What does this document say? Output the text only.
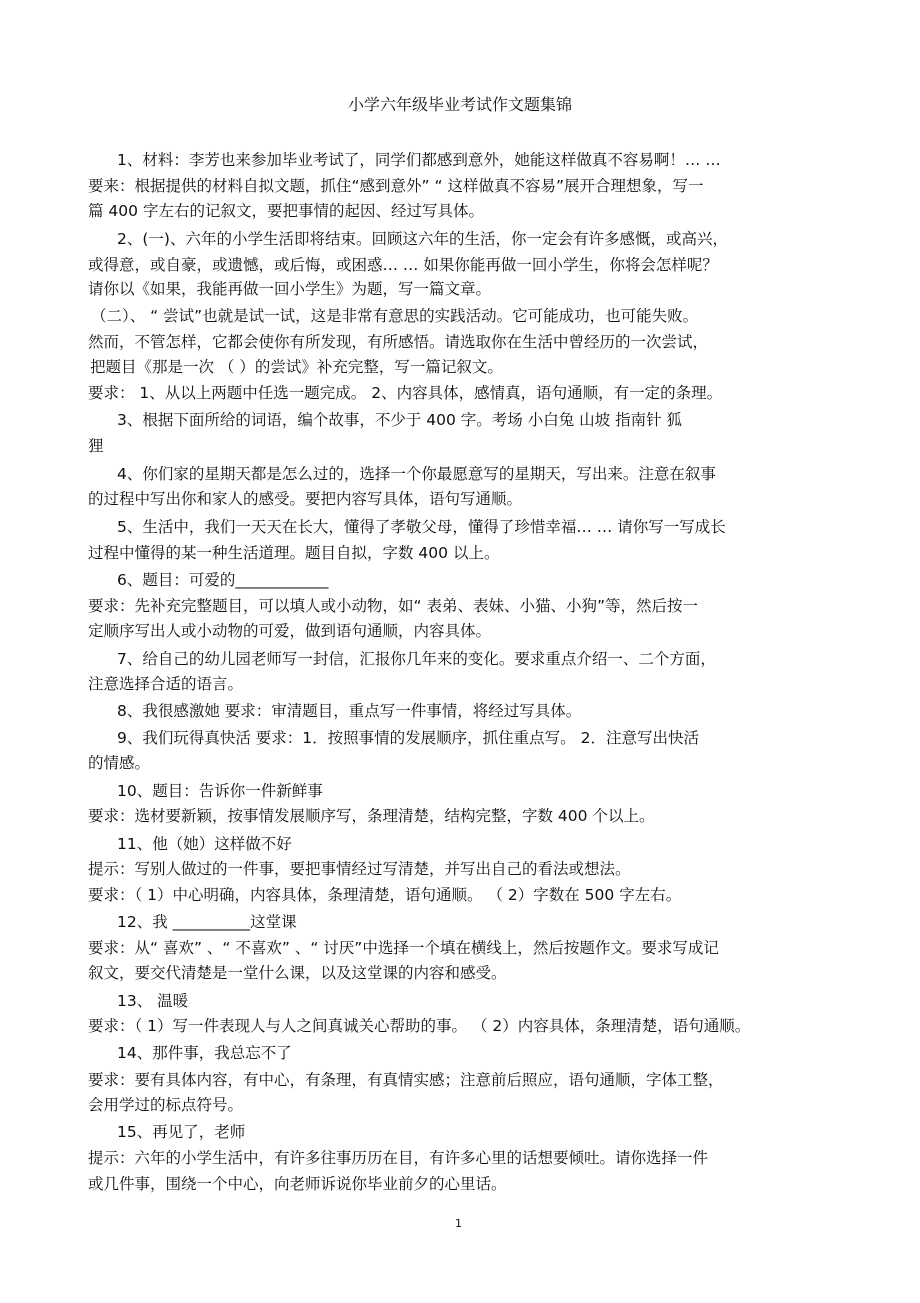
小学六年级毕业考试作文题集锦
1、材料：李芳也来参加毕业考试了，同学们都感到意外，她能这样做真不容易啊！… …
要来：根据提供的材料自拟文题，抓住“感到意外” “ 这样做真不容易”展开合理想象，写一
篇 400 字左右的记叙文，要把事情的起因、经过写具体。
2、(一)、六年的小学生活即将结束。回顾这六年的生活，你一定会有许多感慨，或高兴，
或得意，或自豪，或遗憾，或后悔，或困惑… … 如果你能再做一回小学生，你将会怎样呢？
请你以《如果，我能再做一回小学生》为题，写一篇文章。
（二）、 “ 尝试”也就是试一试，这是非常有意思的实践活动。它可能成功，也可能失败。
然而，不管怎样，它都会使你有所发现，有所感悟。请选取你在生活中曾经历的一次尝试，
把题目《那是一次 （ ）的尝试》补充完整，写一篇记叙文。
要求： 1、从以上两题中任选一题完成。 2、内容具体，感情真，语句通顺，有一定的条理。
3、根据下面所给的词语，编个故事，不少于 400 字。考场 小白兔 山坡 指南针 狐
狸
4、你们家的星期天都是怎么过的，选择一个你最愿意写的星期天，写出来。注意在叙事
的过程中写出你和家人的感受。要把内容写具体，语句写通顺。
5、生活中，我们一天天在长大，懂得了孝敬父母，懂得了珍惜幸福… … 请你写一写成长
过程中懂得的某一种生活道理。题目自拟，字数 400 以上。
6、题目：可爱的____________
要求：先补充完整题目，可以填人或小动物，如“ 表弟、表妹、小猫、小狗”等，然后按一
定顺序写出人或小动物的可爱，做到语句通顺，内容具体。
7、给自己的幼儿园老师写一封信，汇报你几年来的变化。要求重点介绍一、二个方面，
注意选择合适的语言。
8、我很感激她 要求：审清题目，重点写一件事情，将经过写具体。
9、我们玩得真快活 要求：1．按照事情的发展顺序，抓住重点写。 2．注意写出快活
的情感。
10、题目：告诉你一件新鲜事
要求：选材要新颖，按事情发展顺序写，条理清楚，结构完整，字数 400 个以上。
11、他（她）这样做不好
提示：写别人做过的一件事，要把事情经过写清楚，并写出自己的看法或想法。
要求：（ 1）中心明确，内容具体，条理清楚，语句通顺。 （ 2）字数在 500 字左右。
12、我 __________这堂课
要求：从“ 喜欢” 、“ 不喜欢” 、“ 讨厌”中选择一个填在横线上，然后按题作文。要求写成记
叙文，要交代清楚是一堂什么课，以及这堂课的内容和感受。
13、 温暖
要求：（ 1）写一件表现人与人之间真诚关心帮助的事。 （ 2）内容具体，条理清楚，语句通顺。
14、那件事，我总忘不了
要求：要有具体内容，有中心，有条理，有真情实感；注意前后照应，语句通顺，字体工整，
会用学过的标点符号。
15、再见了，老师
提示：六年的小学生活中，有许多往事历历在目，有许多心里的话想要倾吐。请你选择一件
或几件事，围绕一个中心，向老师诉说你毕业前夕的心里话。
1
